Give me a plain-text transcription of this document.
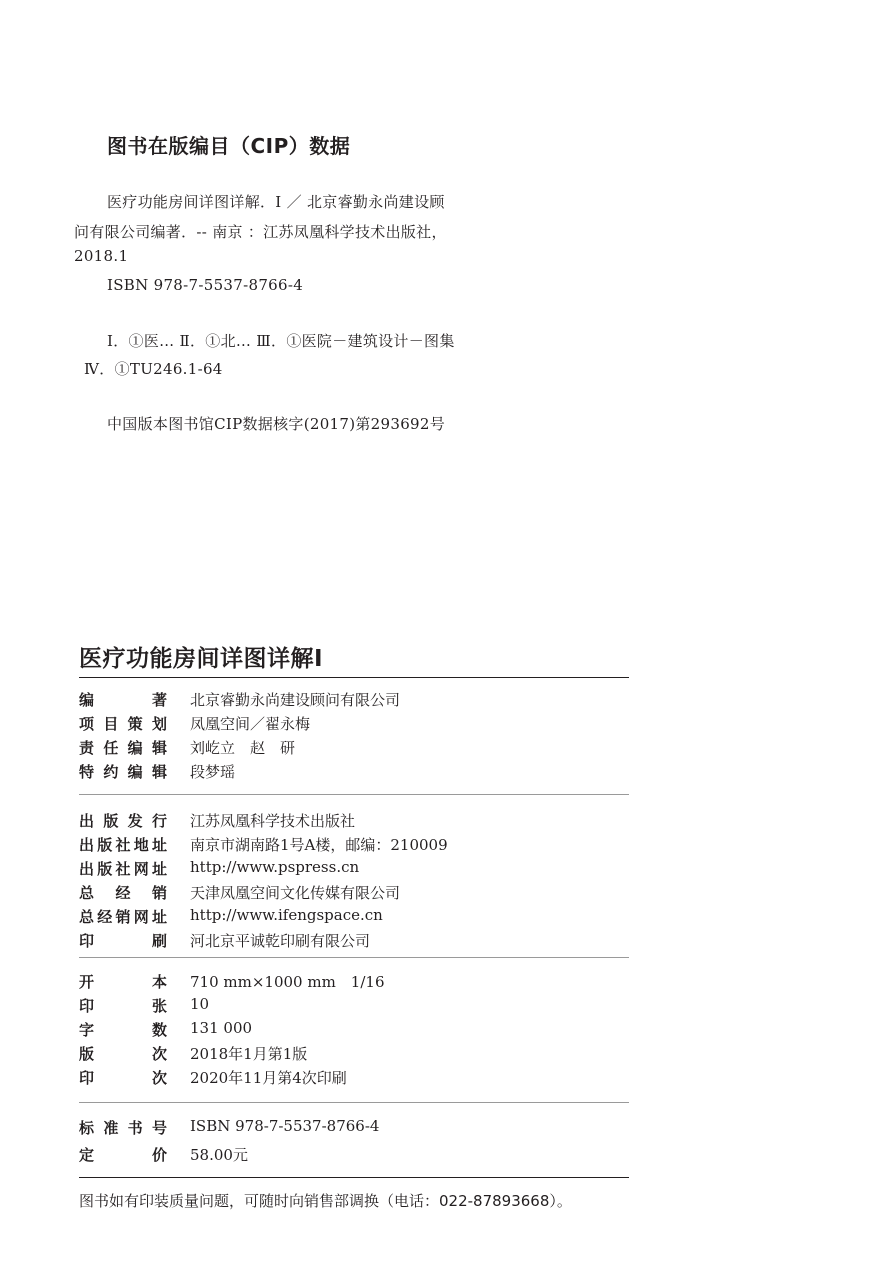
图书在版编目（CIP）数据
医疗功能房间详图详解．Ⅰ ／ 北京睿勤永尚建设顾
问有限公司编著．-- 南京 ：江苏凤凰科学技术出版社，
2018.1
ISBN 978-7-5537-8766-4
Ⅰ．①医… Ⅱ．①北… Ⅲ．①医院－建筑设计－图集
Ⅳ．①TU246.1-64
中国版本图书馆CIP数据核字(2017)第293692号
医疗功能房间详图详解Ⅰ
编著 北京睿勤永尚建设顾问有限公司
项目策划 凤凰空间／翟永梅
责任编辑 刘屹立　赵　研
特约编辑 段梦瑶
出版发行 江苏凤凰科学技术出版社
出版社地址 南京市湖南路1号A楼，邮编：210009
出版社网址 http://www.pspress.cn
总经销 天津凤凰空间文化传媒有限公司
总经销网址 http://www.ifengspace.cn
印刷 河北京平诚乾印刷有限公司
开本 710 mm×1000 mm　1/16
印张 10
字数 131 000
版次 2018年1月第1版
印次 2020年11月第4次印刷
标准书号 ISBN 978-7-5537-8766-4
定价 58.00元
图书如有印装质量问题，可随时向销售部调换（电话：022-87893668）。
